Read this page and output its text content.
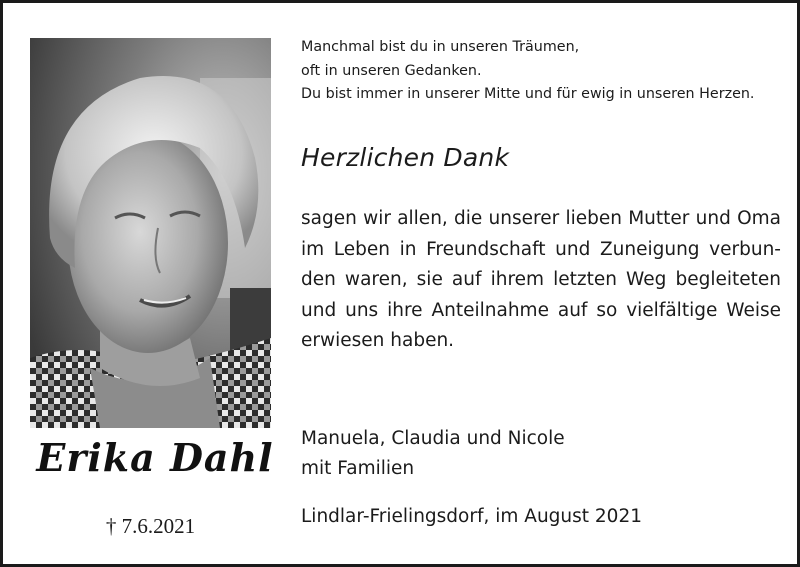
Erika Dahl
† 7.6.2021
Manchmal bist du in unseren Träumen,
oft in unseren Gedanken.
Du bist immer in unserer Mitte und für ewig in unseren Herzen.
Herzlichen Dank
sagen wir allen, die unserer lieben Mutter und Oma
im Leben in Freundschaft und Zuneigung verbun-
den waren, sie auf ihrem letzten Weg begleiteten
und uns ihre Anteilnahme auf so vielfältige Weise
erwiesen haben.
Manuela, Claudia und Nicole
mit Familien
Lindlar-Frielingsdorf, im August 2021
